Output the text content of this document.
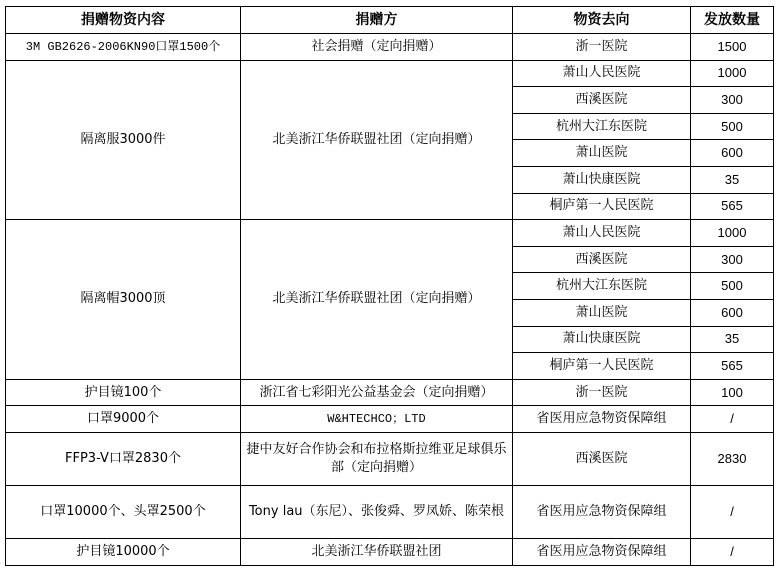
捐赠物资内容	捐赠方	物资去向	发放数量
3M GB2626-2006KN90口罩1500个	社会捐赠（定向捐赠）	浙一医院	1500
隔离服3000件	北美浙江华侨联盟社团（定向捐赠）	萧山人民医院	1000
		西溪医院	300
		杭州大江东医院	500
		萧山医院	600
		萧山快康医院	35
		桐庐第一人民医院	565
隔离帽3000顶	北美浙江华侨联盟社团（定向捐赠）	萧山人民医院	1000
		西溪医院	300
		杭州大江东医院	500
		萧山医院	600
		萧山快康医院	35
		桐庐第一人民医院	565
护目镜100个	浙江省七彩阳光公益基金会（定向捐赠）	浙一医院	100
口罩9000个	W&HTECHCO；LTD	省医用应急物资保障组	/
FFP3-V口罩2830个	捷中友好合作协会和布拉格斯拉维亚足球俱乐部（定向捐赠）	西溪医院	2830
口罩10000个、头罩2500个	Tony lau（东尼）、张俊舜、罗凤娇、陈荣根	省医用应急物资保障组	/
护目镜10000个	北美浙江华侨联盟社团	省医用应急物资保障组	/
